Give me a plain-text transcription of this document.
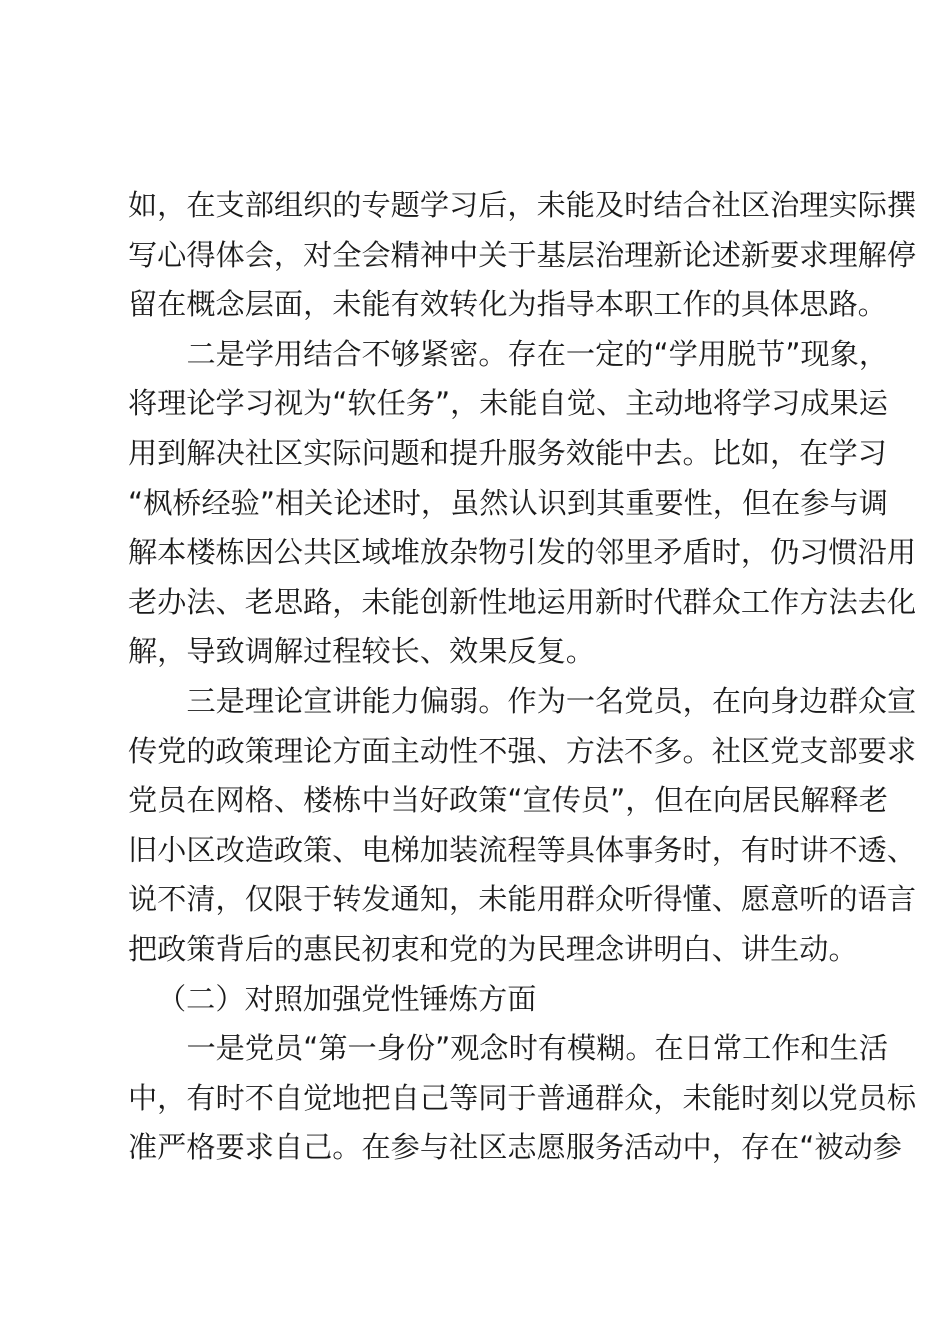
如，在支部组织的专题学习后，未能及时结合社区治理实际撰
写心得体会，对全会精神中关于基层治理新论述新要求理解停
留在概念层面，未能有效转化为指导本职工作的具体思路。
二是学用结合不够紧密。存在一定的“学用脱节”现象，
将理论学习视为“软任务”，未能自觉、主动地将学习成果运
用到解决社区实际问题和提升服务效能中去。比如，在学习
“枫桥经验”相关论述时，虽然认识到其重要性，但在参与调
解本楼栋因公共区域堆放杂物引发的邻里矛盾时，仍习惯沿用
老办法、老思路，未能创新性地运用新时代群众工作方法去化
解，导致调解过程较长、效果反复。
三是理论宣讲能力偏弱。作为一名党员，在向身边群众宣
传党的政策理论方面主动性不强、方法不多。社区党支部要求
党员在网格、楼栋中当好政策“宣传员”，但在向居民解释老
旧小区改造政策、电梯加装流程等具体事务时，有时讲不透、
说不清，仅限于转发通知，未能用群众听得懂、愿意听的语言
把政策背后的惠民初衷和党的为民理念讲明白、讲生动。
（二）对照加强党性锤炼方面
一是党员“第一身份”观念时有模糊。在日常工作和生活
中，有时不自觉地把自己等同于普通群众，未能时刻以党员标
准严格要求自己。在参与社区志愿服务活动中，存在“被动参
